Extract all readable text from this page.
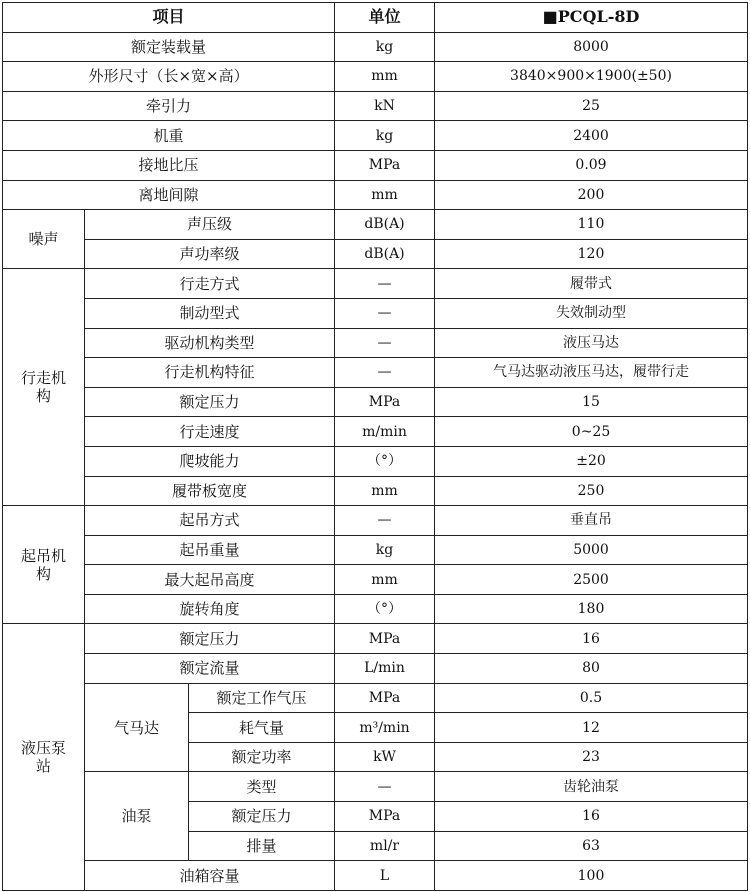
项目			单位	■PCQL-8D
额定装载量			kg	8000
外形尺寸（长×宽×高）			mm	3840×900×1900(±50)
牵引力			kN	25
机重			kg	2400
接地比压			MPa	0.09
离地间隙			mm	200
噪声	声压级		dB(A)	110
	声功率级		dB(A)	120
行走机构	行走方式		—	履带式
	制动型式		—	失效制动型
	驱动机构类型		—	液压马达
	行走机构特征		—	气马达驱动液压马达，履带行走
	额定压力		MPa	15
	行走速度		m/min	0~25
	爬坡能力		（°）	±20
	履带板宽度		mm	250
起吊机构	起吊方式		—	垂直吊
	起吊重量		kg	5000
	最大起吊高度		mm	2500
	旋转角度		（°）	180
液压泵站	额定压力		MPa	16
	额定流量		L/min	80
	气马达	额定工作气压	MPa	0.5
		耗气量	m³/min	12
		额定功率	kW	23
	油泵	类型	—	齿轮油泵
		额定压力	MPa	16
		排量	ml/r	63
	油箱容量		L	100
